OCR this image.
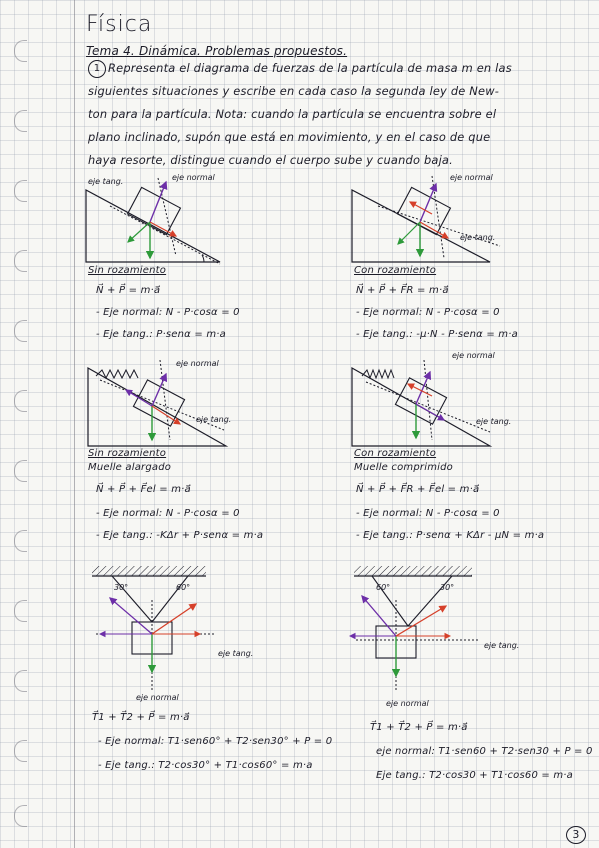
Física
Tema 4. Dinámica. Problemas propuestos.
1 Representa el diagrama de fuerzas de la partícula de masa m en las
siguientes situaciones y escribe en cada caso la segunda ley de New-
ton para la partícula. Nota: cuando la partícula se encuentra sobre el
plano inclinado, supón que está en movimiento, y en el caso de que
haya resorte, distingue cuando el cuerpo sube y cuando baja.
eje normal
eje tang.	eje normal
eje tang.
eje normal
eje tang.
eje normal
eje tang.
30°	60°
eje tang.
eje normal
60°	30°
eje tang.
eje normal
Sin rozamiento
N⃗ + P⃗ = m·a⃗
- Eje normal: N - P·cosα = 0
- Eje tang.: P·senα = m·a
Con rozamiento
N⃗ + P⃗ + F⃗R = m·a⃗
- Eje normal: N - P·cosα = 0
- Eje tang.: -μ·N - P·senα = m·a
Sin rozamiento
Muelle alargado
N⃗ + P⃗ + F⃗el = m·a⃗
- Eje normal: N - P·cosα = 0
- Eje tang.: -KΔr + P·senα = m·a
Con rozamiento
Muelle comprimido
N⃗ + P⃗ + F⃗R + F⃗el = m·a⃗
- Eje normal: N - P·cosα = 0
- Eje tang.: P·senα + KΔr - μN = m·a
T⃗1 + T⃗2 + P⃗ = m·a⃗
- Eje normal: T1·sen60° + T2·sen30° + P = 0
- Eje tang.: T2·cos30° + T1·cos60° = m·a
T⃗1 + T⃗2 + P⃗ = m·a⃗
eje normal: T1·sen60 + T2·sen30 + P = 0
Eje tang.: T2·cos30 + T1·cos60 = m·a
3
